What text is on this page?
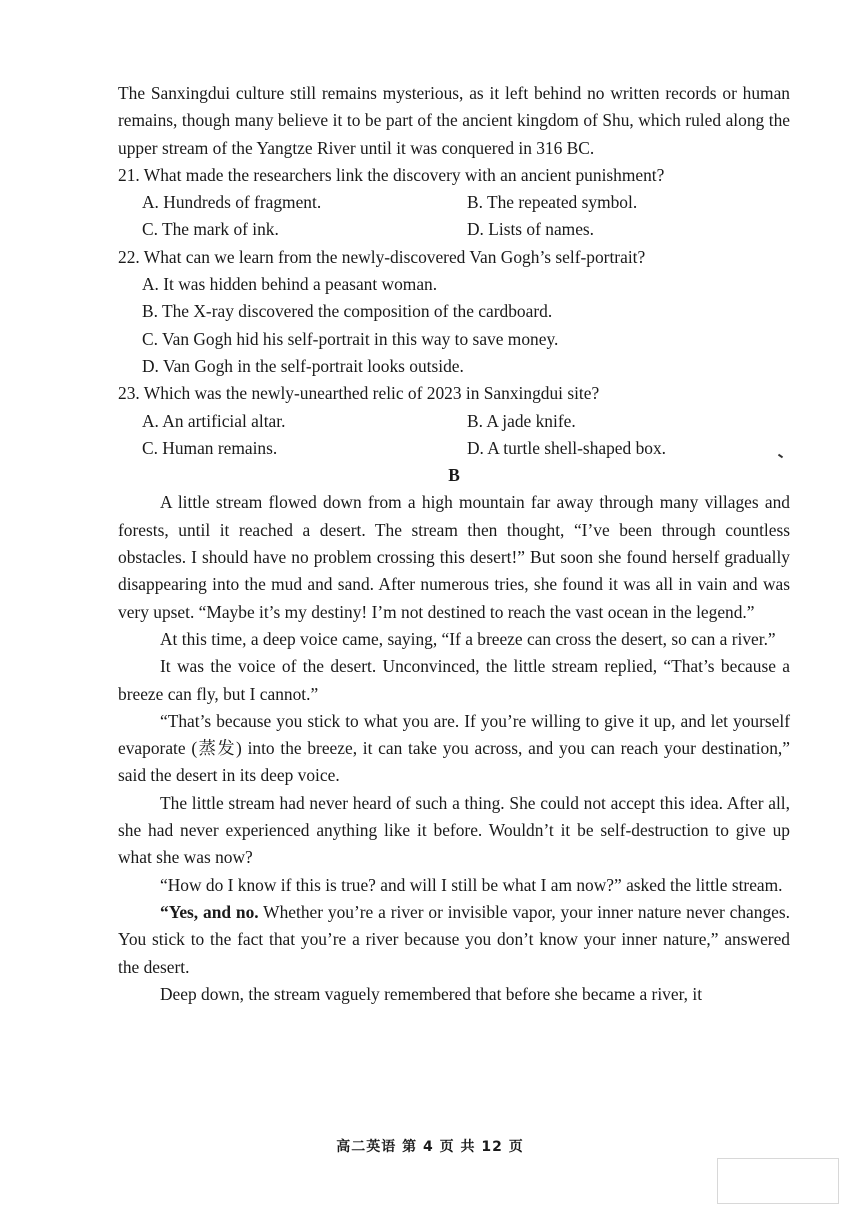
The Sanxingdui culture still remains mysterious, as it left behind no written records or human remains, though many believe it to be part of the ancient kingdom of Shu, which ruled along the upper stream of the Yangtze River until it was conquered in 316 BC.

21. What made the researchers link the discovery with an ancient punishment?

A. Hundreds of fragment.	B. The repeated symbol.
C. The mark of ink.	D. Lists of names.

22. What can we learn from the newly-discovered Van Gogh’s self-portrait?

A. It was hidden behind a peasant woman.
B. The X-ray discovered the composition of the cardboard.
C. Van Gogh hid his self-portrait in this way to save money.
D. Van Gogh in the self-portrait looks outside.

23. Which was the newly-unearthed relic of 2023 in Sanxingdui site?

A. An artificial altar.	B. A jade knife.
C. Human remains.	D. A turtle shell-shaped box.

B

A little stream flowed down from a high mountain far away through many villages and forests, until it reached a desert. The stream then thought, “I’ve been through countless obstacles. I should have no problem crossing this desert!” But soon she found herself gradually disappearing into the mud and sand. After numerous tries, she found it was all in vain and was very upset. “Maybe it’s my destiny! I’m not destined to reach the vast ocean in the legend.”

At this time, a deep voice came, saying, “If a breeze can cross the desert, so can a river.”

It was the voice of the desert. Unconvinced, the little stream replied, “That’s because a breeze can fly, but I cannot.”

“That’s because you stick to what you are. If you’re willing to give it up, and let yourself evaporate (蒸发) into the breeze, it can take you across, and you can reach your destination,” said the desert in its deep voice.

The little stream had never heard of such a thing. She could not accept this idea. After all, she had never experienced anything like it before. Wouldn’t it be self-destruction to give up what she was now?

“How do I know if this is true? and will I still be what I am now?” asked the little stream.

“Yes, and no. Whether you’re a river or invisible vapor, your inner nature never changes. You stick to the fact that you’re a river because you don’t know your inner nature,” answered the desert.

Deep down, the stream vaguely remembered that before she became a river, it

高二英语 第 4 页 共 12 页
